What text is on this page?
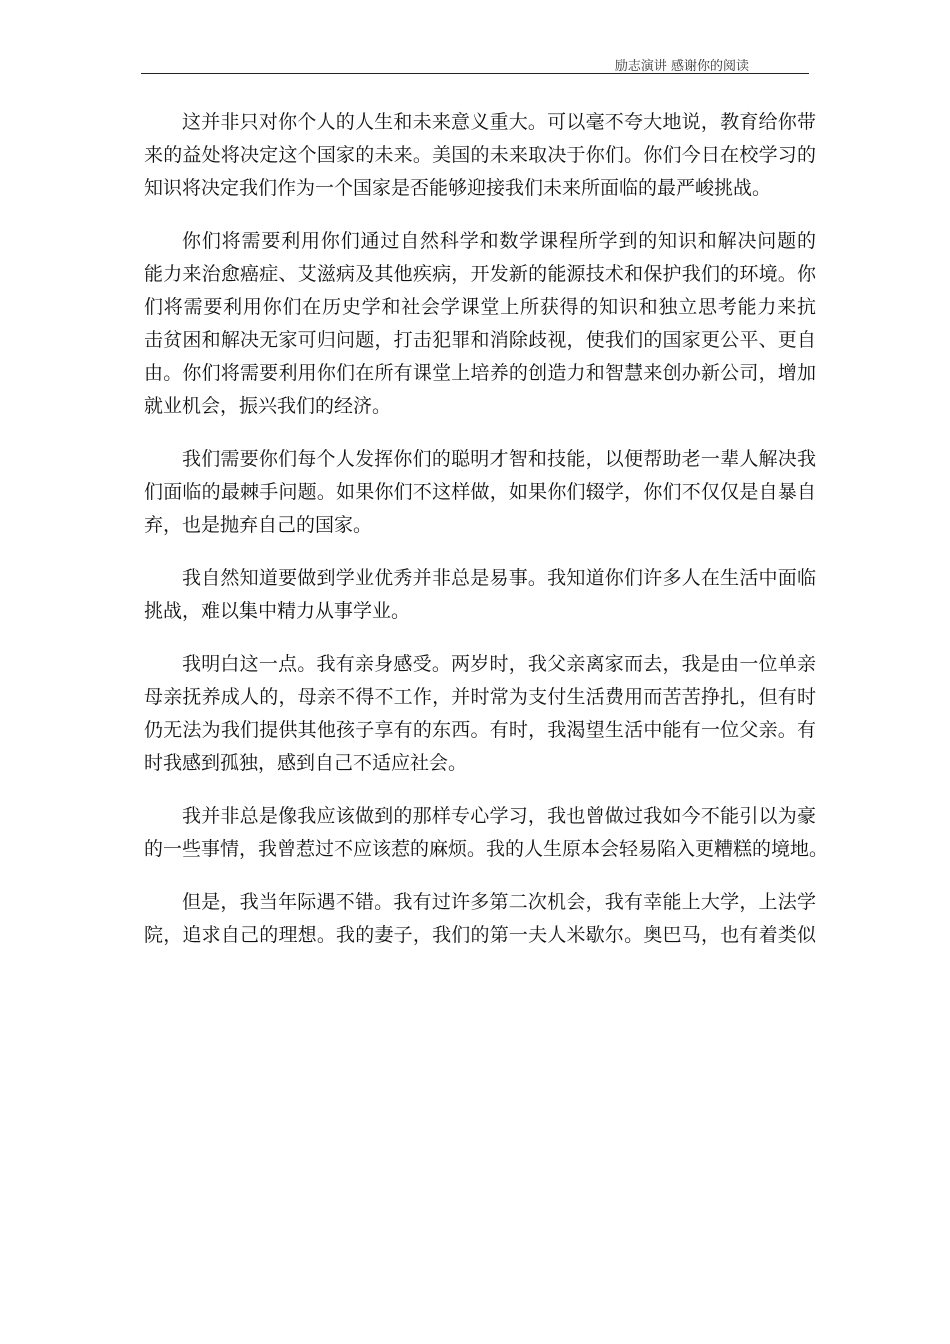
励志演讲 感谢你的阅读
这并非只对你个人的人生和未来意义重大。可以毫不夸大地说，教育给你带
来的益处将决定这个国家的未来。美国的未来取决于你们。你们今日在校学习的
知识将决定我们作为一个国家是否能够迎接我们未来所面临的最严峻挑战。
你们将需要利用你们通过自然科学和数学课程所学到的知识和解决问题的
能力来治愈癌症、艾滋病及其他疾病，开发新的能源技术和保护我们的环境。你
们将需要利用你们在历史学和社会学课堂上所获得的知识和独立思考能力来抗
击贫困和解决无家可归问题，打击犯罪和消除歧视，使我们的国家更公平、更自
由。你们将需要利用你们在所有课堂上培养的创造力和智慧来创办新公司，增加
就业机会，振兴我们的经济。
我们需要你们每个人发挥你们的聪明才智和技能，以便帮助老一辈人解决我
们面临的最棘手问题。如果你们不这样做，如果你们辍学，你们不仅仅是自暴自
弃，也是抛弃自己的国家。
我自然知道要做到学业优秀并非总是易事。我知道你们许多人在生活中面临
挑战，难以集中精力从事学业。
我明白这一点。我有亲身感受。两岁时，我父亲离家而去，我是由一位单亲
母亲抚养成人的，母亲不得不工作，并时常为支付生活费用而苦苦挣扎，但有时
仍无法为我们提供其他孩子享有的东西。有时，我渴望生活中能有一位父亲。有
时我感到孤独，感到自己不适应社会。
我并非总是像我应该做到的那样专心学习，我也曾做过我如今不能引以为豪
的一些事情，我曾惹过不应该惹的麻烦。我的人生原本会轻易陷入更糟糕的境地。
但是，我当年际遇不错。我有过许多第二次机会，我有幸能上大学，上法学
院，追求自己的理想。我的妻子，我们的第一夫人米歇尔。奥巴马，也有着类似
